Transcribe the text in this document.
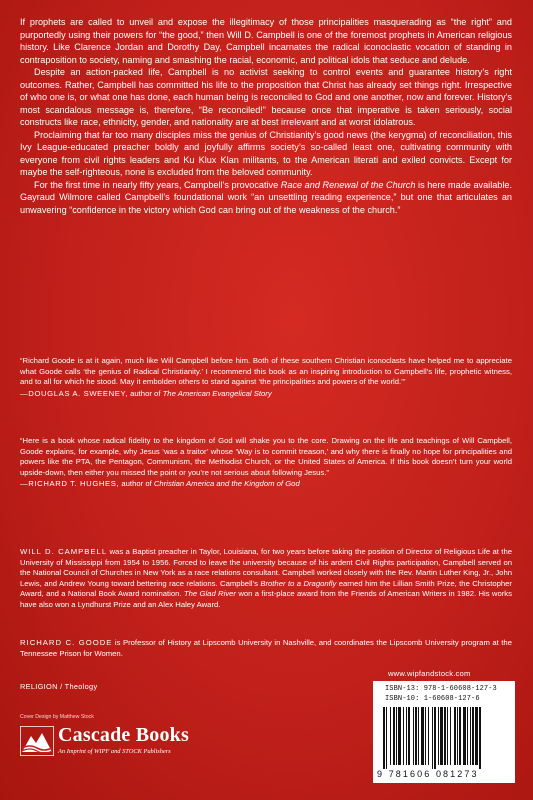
If prophets are called to unveil and expose the illegitimacy of those principalities masquerading as “the right” and purportedly using their powers for “the good,” then Will D. Campbell is one of the foremost prophets in American religious history. Like Clarence Jordan and Dorothy Day, Campbell incarnates the radical iconoclastic vocation of standing in contraposition to society, naming and smashing the racial, economic, and political idols that seduce and delude.

Despite an action-packed life, Campbell is no activist seeking to control events and guarantee history’s right outcomes. Rather, Campbell has committed his life to the proposition that Christ has already set things right. Irrespective of who one is, or what one has done, each human being is reconciled to God and one another, now and forever. History’s most scandalous message is, therefore, “Be reconciled!” because once that imperative is taken seriously, social constructs like race, ethnicity, gender, and nationality are at best irrelevant and at worst idolatrous.

Proclaiming that far too many disciples miss the genius of Christianity’s good news (the kerygma) of reconciliation, this Ivy League-educated preacher boldly and joyfully affirms society’s so-called least one, cultivating community with everyone from civil rights leaders and Ku Klux Klan militants, to the American literati and exiled convicts. Except for maybe the self-righteous, none is excluded from the beloved community.

For the first time in nearly fifty years, Campbell’s provocative Race and Renewal of the Church is here made available. Gayraud Wilmore called Campbell’s foundational work “an unsettling reading experience,” but one that articulates an unwavering “confidence in the victory which God can bring out of the weakness of the church.”

“Richard Goode is at it again, much like Will Campbell before him. Both of these southern Christian iconoclasts have helped me to appreciate what Goode calls ‘the genius of Radical Christianity.’ I recommend this book as an inspiring introduction to Campbell’s life, prophetic witness, and to all for which he stood. May it embolden others to stand against ‘the principalities and powers of the world.’”

—DOUGLAS A. SWEENEY, author of The American Evangelical Story

“Here is a book whose radical fidelity to the kingdom of God will shake you to the core. Drawing on the life and teachings of Will Campbell, Goode explains, for example, why Jesus ‘was a traitor’ whose ‘Way is to commit treason,’ and why there is finally no hope for principalities and powers like the PTA, the Pentagon, Communism, the Methodist Church, or the United States of America. If this book doesn’t turn your world upside-down, then either you missed the point or you’re not serious about following Jesus.”

—RICHARD T. HUGHES, author of Christian America and the Kingdom of God

WILL D. CAMPBELL was a Baptist preacher in Taylor, Louisiana, for two years before taking the position of Director of Religious Life at the University of Mississippi from 1954 to 1956. Forced to leave the university because of his ardent Civil Rights participation, Campbell served on the National Council of Churches in New York as a race relations consultant. Campbell worked closely with the Rev. Martin Luther King, Jr., John Lewis, and Andrew Young toward bettering race relations. Campbell’s Brother to a Dragonfly earned him the Lillian Smith Prize, the Christopher Award, and a National Book Award nomination. The Glad River won a first-place award from the Friends of American Writers in 1982. His works have also won a Lyndhurst Prize and an Alex Haley Award.

RICHARD C. GOODE is Professor of History at Lipscomb University in Nashville, and coordinates the Lipscomb University program at the Tennessee Prison for Women.

www.wipfandstock.com
RELIGION / Theology
Cover Design by Matthew Stock
Cascade Books
An Imprint of WIPF and STOCK Publishers
ISBN-13: 978-1-60608-127-3
ISBN-10: 1-60608-127-6
9 781606 081273
